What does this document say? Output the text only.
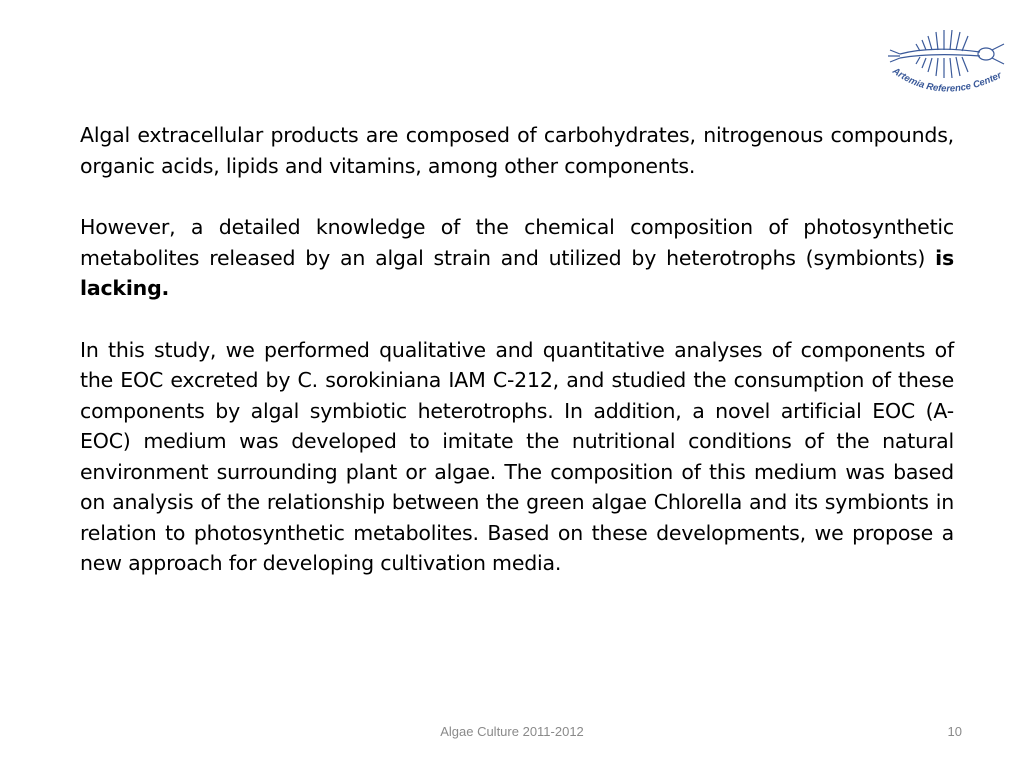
Artemia Reference Center

Algal extracellular products are composed of carbohydrates, nitrogenous compounds, organic acids, lipids and vitamins, among other components.

However, a detailed knowledge of the chemical composition of photosynthetic metabolites released by an algal strain and utilized by heterotrophs (symbionts) is lacking.

In this study, we performed qualitative and quantitative analyses of components of the EOC excreted by C. sorokiniana IAM C-212, and studied the consumption of these components by algal symbiotic heterotrophs. In addition, a novel artificial EOC (A-EOC) medium was developed to imitate the nutritional conditions of the natural environment surrounding plant or algae. The composition of this medium was based on analysis of the relationship between the green algae Chlorella and its symbionts in relation to photosynthetic metabolites. Based on these developments, we propose a new approach for developing cultivation media.

Algae Culture 2011-2012	10
